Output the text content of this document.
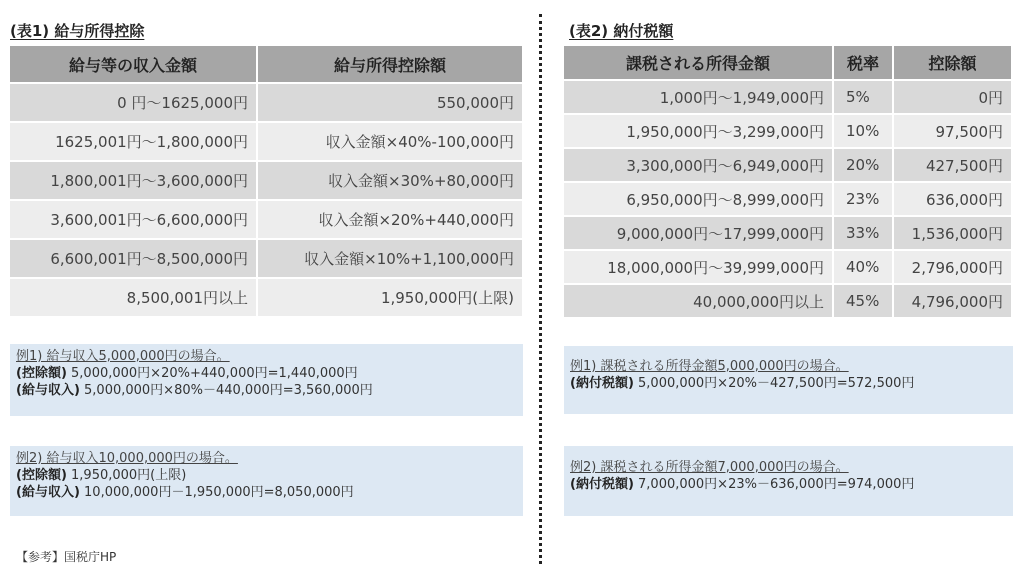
(表1) 給与所得控除	(表2) 納付税額
給与等の収入金額	給与所得控除額
0 円～1625,000円	550,000円
1625,001円～1,800,000円	収入金額×40%-100,000円
1,800,001円～3,600,000円	収入金額×30%+80,000円
3,600,001円～6,600,000円	収入金額×20%+440,000円
6,600,001円～8,500,000円	収入金額×10%+1,100,000円
8,500,001円以上	1,950,000円(上限)
課税される所得金額	税率	控除額
1,000円～1,949,000円	5%	0円
1,950,000円～3,299,000円	10%	97,500円
3,300,000円～6,949,000円	20%	427,500円
6,950,000円～8,999,000円	23%	636,000円
9,000,000円～17,999,000円	33%	1,536,000円
18,000,000円～39,999,000円	40%	2,796,000円
40,000,000円以上	45%	4,796,000円
例1) 給与収入5,000,000円の場合。
(控除額) 5,000,000円×20%+440,000円=1,440,000円
(給与収入) 5,000,000円×80%－440,000円=3,560,000円
例2) 給与収入10,000,000円の場合。
(控除額) 1,950,000円(上限)
(給与収入) 10,000,000円－1,950,000円=8,050,000円
例1) 課税される所得金額5,000,000円の場合。
(納付税額) 5,000,000円×20%－427,500円=572,500円
例2) 課税される所得金額7,000,000円の場合。
(納付税額) 7,000,000円×23%－636,000円=974,000円
【参考】国税庁HP
